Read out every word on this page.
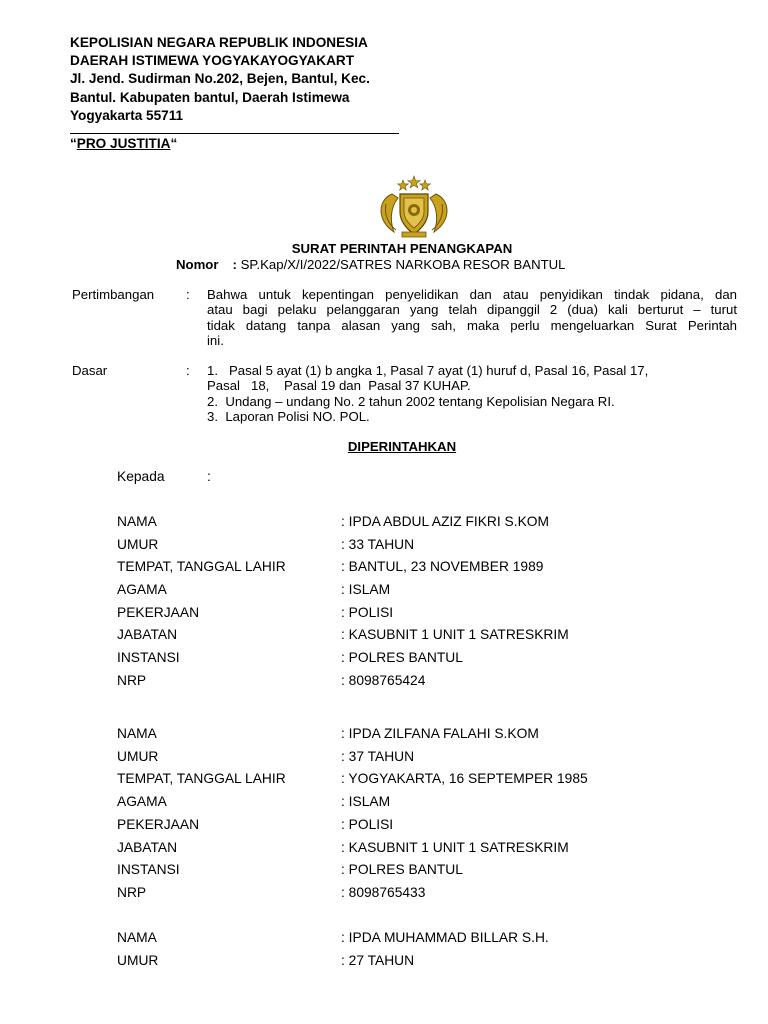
KEPOLISIAN NEGARA REPUBLIK INDONESIA
DAERAH ISTIMEWA YOGYAKAYOGYAKART
Jl. Jend. Sudirman No.202, Bejen, Bantul, Kec.
Bantul. Kabupaten bantul, Daerah Istimewa
Yogyakarta 55711
“PRO JUSTITIA“
SURAT PERINTAH PENANGKAPAN
Nomor : SP.Kap/X/I/2022/SATRES NARKOBA RESOR BANTUL
Pertimbangan : Bahwa untuk kepentingan penyelidikan dan atau penyidikan tindak pidana, dan
atau bagi pelaku pelanggaran yang telah dipanggil 2 (dua) kali berturut – turut
tidak datang tanpa alasan yang sah, maka perlu mengeluarkan Surat Perintah
ini.
Dasar	: 1.   Pasal 5 ayat (1) b angka 1, Pasal 7 ayat (1) huruf d, Pasal 16, Pasal 17,
Pasal   18,    Pasal 19 dan  Pasal 37 KUHAP.
2.  Undang – undang No. 2 tahun 2002 tentang Kepolisian Negara RI.
3.  Laporan Polisi NO. POL.
DIPERINTAHKAN
Kepada	:
NAMA	: IPDA ABDUL AZIZ FIKRI S.KOM
UMUR	: 33 TAHUN
TEMPAT, TANGGAL LAHIR	: BANTUL, 23 NOVEMBER 1989
AGAMA	: ISLAM
PEKERJAAN	: POLISI
JABATAN	: KASUBNIT 1 UNIT 1 SATRESKRIM
INSTANSI	: POLRES BANTUL
NRP	: 8098765424
NAMA	: IPDA ZILFANA FALAHI S.KOM
UMUR	: 37 TAHUN
TEMPAT, TANGGAL LAHIR	: YOGYAKARTA, 16 SEPTEMPER 1985
AGAMA	: ISLAM
PEKERJAAN	: POLISI
JABATAN	: KASUBNIT 1 UNIT 1 SATRESKRIM
INSTANSI	: POLRES BANTUL
NRP	: 8098765433
NAMA	: IPDA MUHAMMAD BILLAR S.H.
UMUR	: 27 TAHUN
